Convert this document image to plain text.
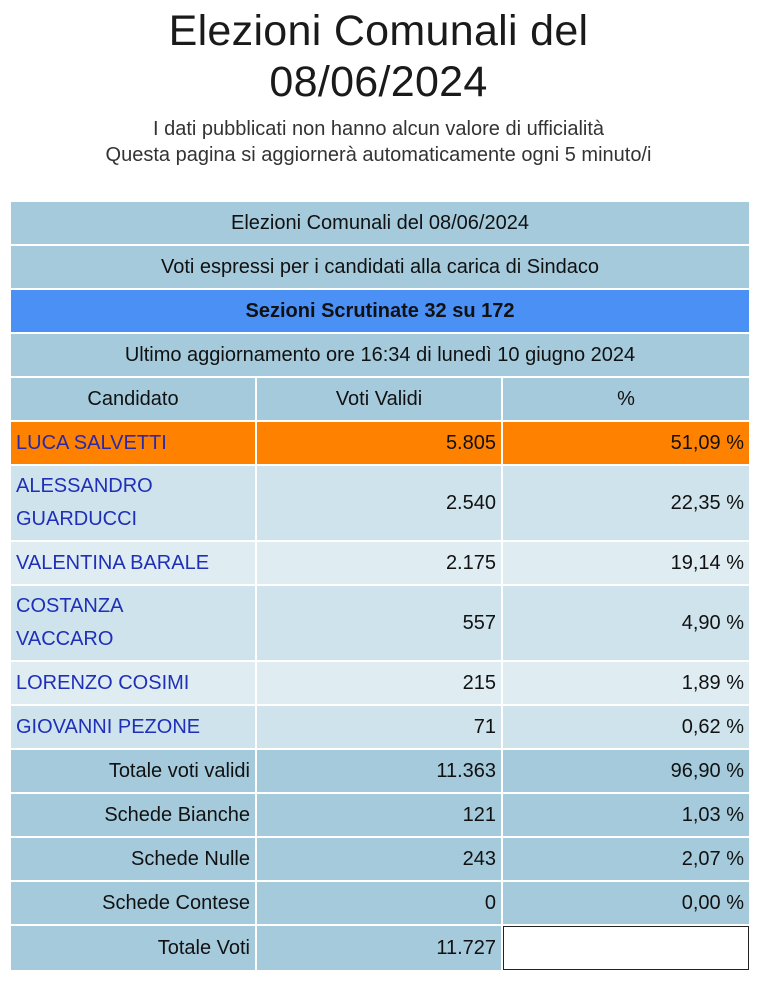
Elezioni Comunali del
08/06/2024
I dati pubblicati non hanno alcun valore di ufficialità
Questa pagina si aggiornerà automaticamente ogni 5 minuto/i
Elezioni Comunali del 08/06/2024		
Voti espressi per i candidati alla carica di Sindaco		
Sezioni Scrutinate 32 su 172		
Ultimo aggiornamento ore 16:34 di lunedì 10 giugno 2024		
Candidato	Voti Validi	%
LUCA SALVETTI	5.805	51,09 %
ALESSANDRO
GUARDUCCI	2.540	22,35 %
VALENTINA BARALE	2.175	19,14 %
COSTANZA
VACCARO	557	4,90 %
LORENZO COSIMI	215	1,89 %
GIOVANNI PEZONE	71	0,62 %
Totale voti validi	11.363	96,90 %
Schede Bianche	121	1,03 %
Schede Nulle	243	2,07 %
Schede Contese	0	0,00 %
Totale Voti	11.727	
